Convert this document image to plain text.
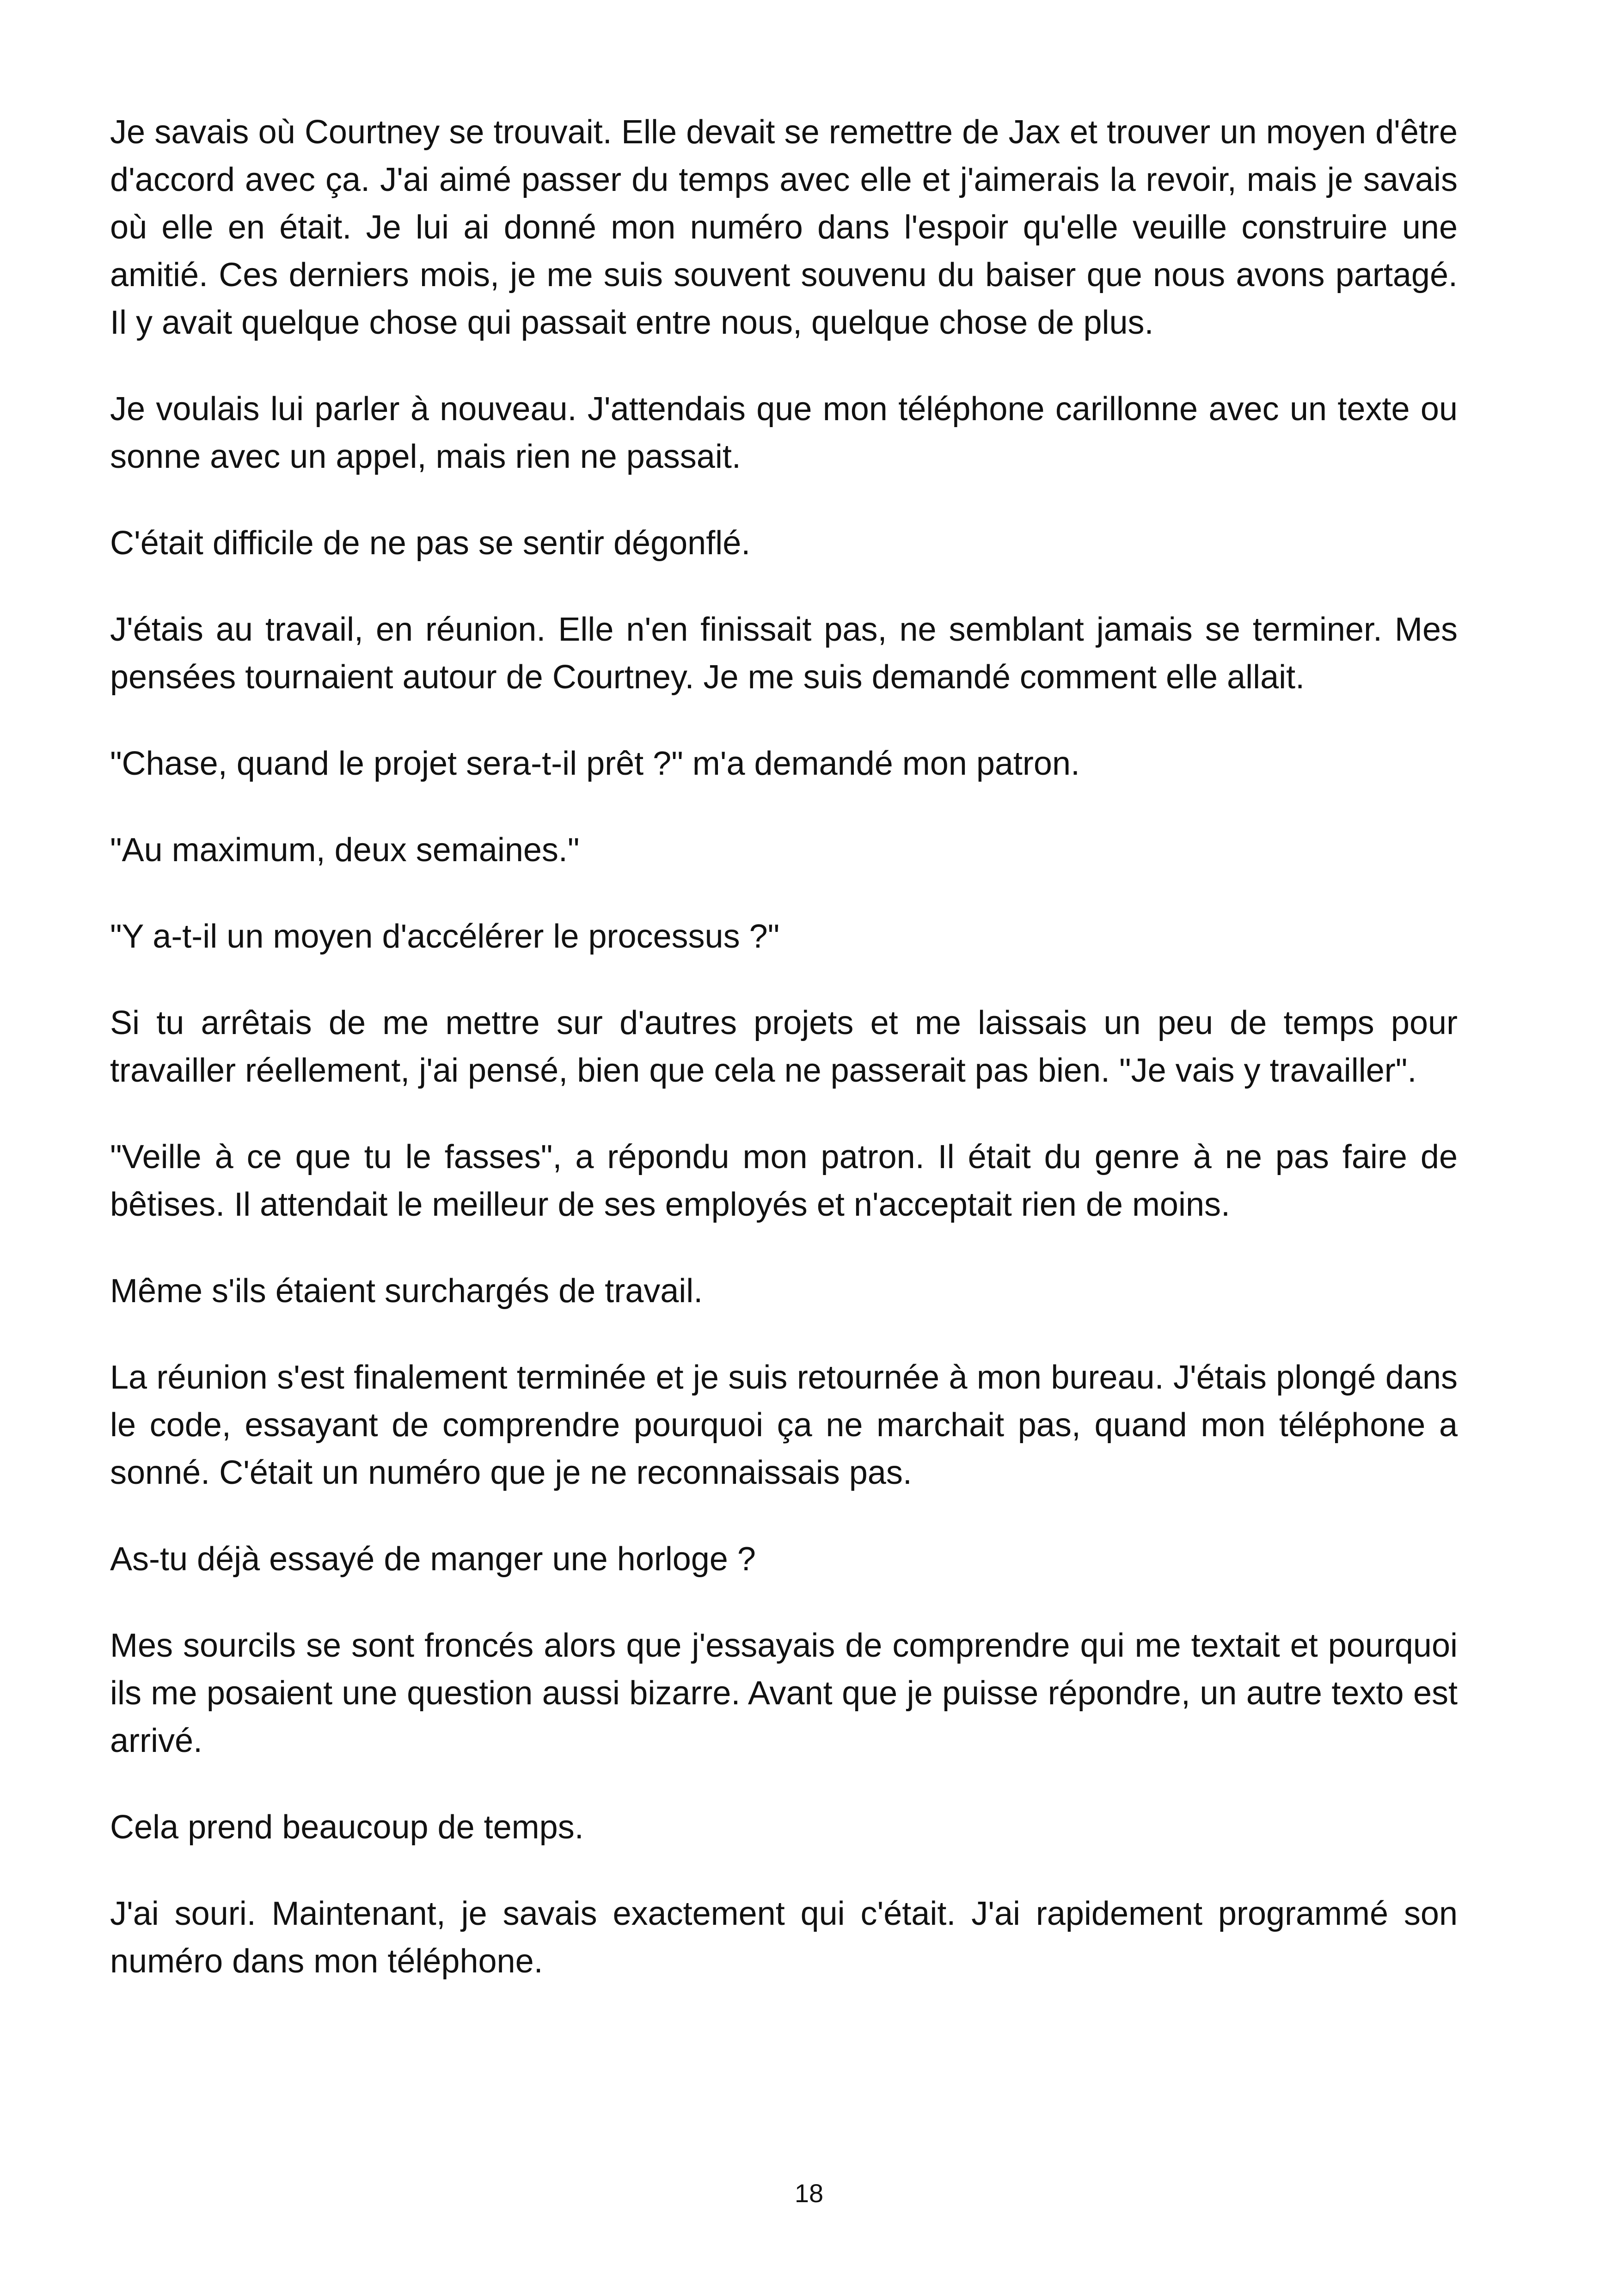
Je savais où Courtney se trouvait. Elle devait se remettre de Jax et trouver un moyen d'être d'accord avec ça. J'ai aimé passer du temps avec elle et j'aimerais la revoir, mais je savais où elle en était. Je lui ai donné mon numéro dans l'espoir qu'elle veuille construire une amitié. Ces derniers mois, je me suis souvent souvenu du baiser que nous avons partagé. Il y avait quelque chose qui passait entre nous, quelque chose de plus.

Je voulais lui parler à nouveau. J'attendais que mon téléphone carillonne avec un texte ou sonne avec un appel, mais rien ne passait.

C'était difficile de ne pas se sentir dégonflé.

J'étais au travail, en réunion. Elle n'en finissait pas, ne semblant jamais se terminer. Mes pensées tournaient autour de Courtney. Je me suis demandé comment elle allait.

"Chase, quand le projet sera-t-il prêt ?" m'a demandé mon patron.

"Au maximum, deux semaines."

"Y a-t-il un moyen d'accélérer le processus ?"

Si tu arrêtais de me mettre sur d'autres projets et me laissais un peu de temps pour travailler réellement, j'ai pensé, bien que cela ne passerait pas bien. "Je vais y travailler".

"Veille à ce que tu le fasses", a répondu mon patron. Il était du genre à ne pas faire de bêtises. Il attendait le meilleur de ses employés et n'acceptait rien de moins.

Même s'ils étaient surchargés de travail.

La réunion s'est finalement terminée et je suis retournée à mon bureau. J'étais plongé dans le code, essayant de comprendre pourquoi ça ne marchait pas, quand mon téléphone a sonné. C'était un numéro que je ne reconnaissais pas.

As-tu déjà essayé de manger une horloge ?

Mes sourcils se sont froncés alors que j'essayais de comprendre qui me textait et pourquoi ils me posaient une question aussi bizarre. Avant que je puisse répondre, un autre texto est arrivé.

Cela prend beaucoup de temps.

J'ai souri. Maintenant, je savais exactement qui c'était. J'ai rapidement programmé son numéro dans mon téléphone.

18
